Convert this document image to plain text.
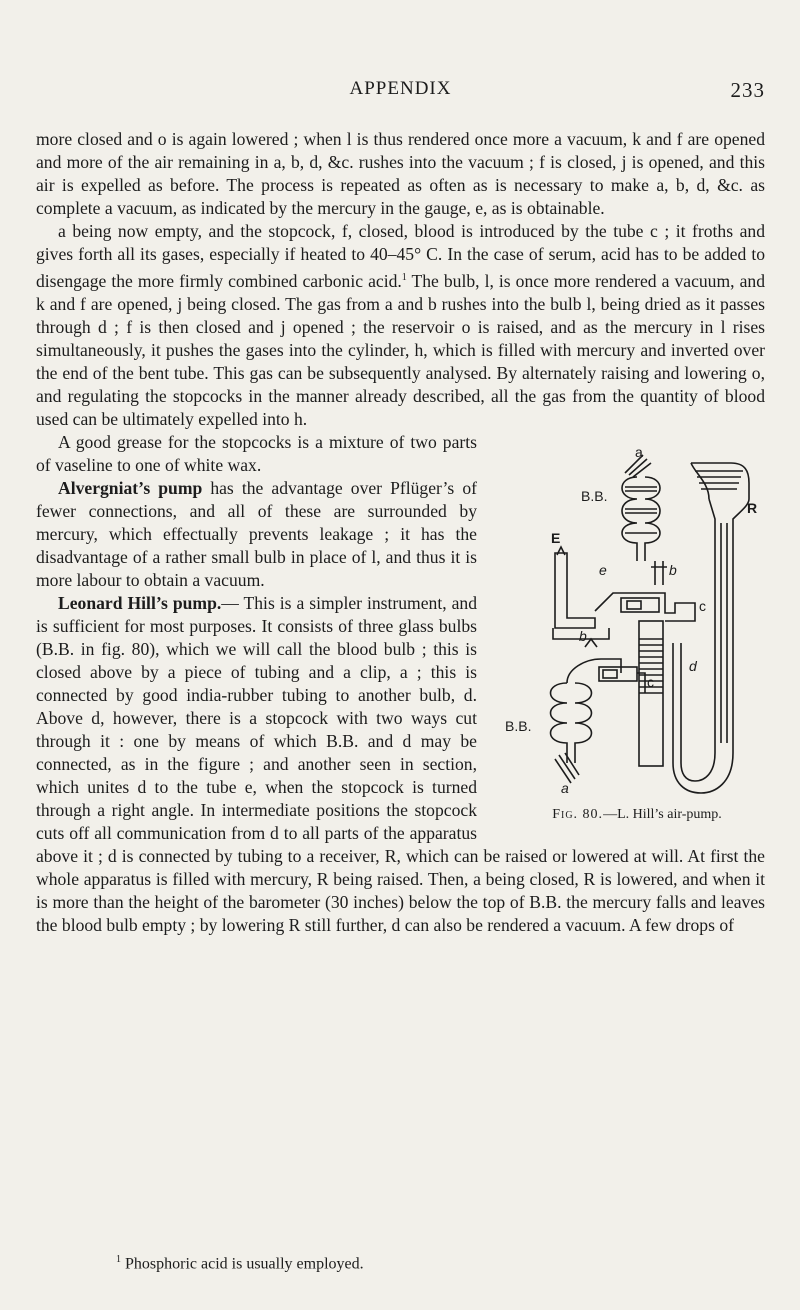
APPENDIX	233

more closed and o is again lowered ; when l is thus rendered once more a vacuum, k and f are opened and more of the air remaining in a, b, d, &c. rushes into the vacuum ; f is closed, j is opened, and this air is expelled as before. The process is repeated as often as is necessary to make a, b, d, &c. as complete a vacuum, as indicated by the mercury in the gauge, e, as is obtainable.

a being now empty, and the stopcock, f, closed, blood is introduced by the tube c ; it froths and gives forth all its gases, especially if heated to 40–45° C. In the case of serum, acid has to be added to disengage the more firmly combined carbonic acid.$^1$ The bulb, l, is once more rendered a vacuum, and k and f are opened, j being closed. The gas from a and b rushes into the bulb l, being dried as it passes through d ; f is then closed and j opened ; the reservoir o is raised, and as the mercury in l rises simultaneously, it pushes the gases into the cylinder, h, which is filled with mercury and inverted over the end of the bent tube. This gas can be subsequently analysed. By alternately raising and lowering o, and regulating the stopcocks in the manner already described, all the gas from the quantity of blood used can be ultimately expelled into h.

a
B.B.
E
e	b
c
R
d
b
c
B.B.
a
Fig. 80.—L. Hill’s air-pump.

A good grease for the stopcocks is a mixture of two parts of vaseline to one of white wax.

Alvergniat’s pump has the advantage over Pflüger’s of fewer connections, and all of these are surrounded by mercury, which effectually prevents leakage ; it has the disadvantage of a rather small bulb in place of l, and thus it is more labour to obtain a vacuum.

Leonard Hill’s pump.— This is a simpler instrument, and is sufficient for most purposes. It consists of three glass bulbs (B.B. in fig. 80), which we will call the blood bulb ; this is closed above by a piece of tubing and a clip, a ; this is connected by good india-rubber tubing to another bulb, d. Above d, however, there is a stopcock with two ways cut through it : one by means of which B.B. and d may be connected, as in the figure ; and another seen in section, which unites d to the tube e, when the stopcock is turned through a right angle. In intermediate positions the stopcock cuts off all communication from d to all parts of the apparatus above it ; d is connected by tubing to a receiver, R, which can be raised or lowered at will. At first the whole apparatus is filled with mercury, R being raised. Then, a being closed, R is lowered, and when it is more than the height of the barometer (30 inches) below the top of B.B. the mercury falls and leaves the blood bulb empty ; by lowering R still further, d can also be rendered a vacuum. A few drops of

$^1$ Phosphoric acid is usually employed.
